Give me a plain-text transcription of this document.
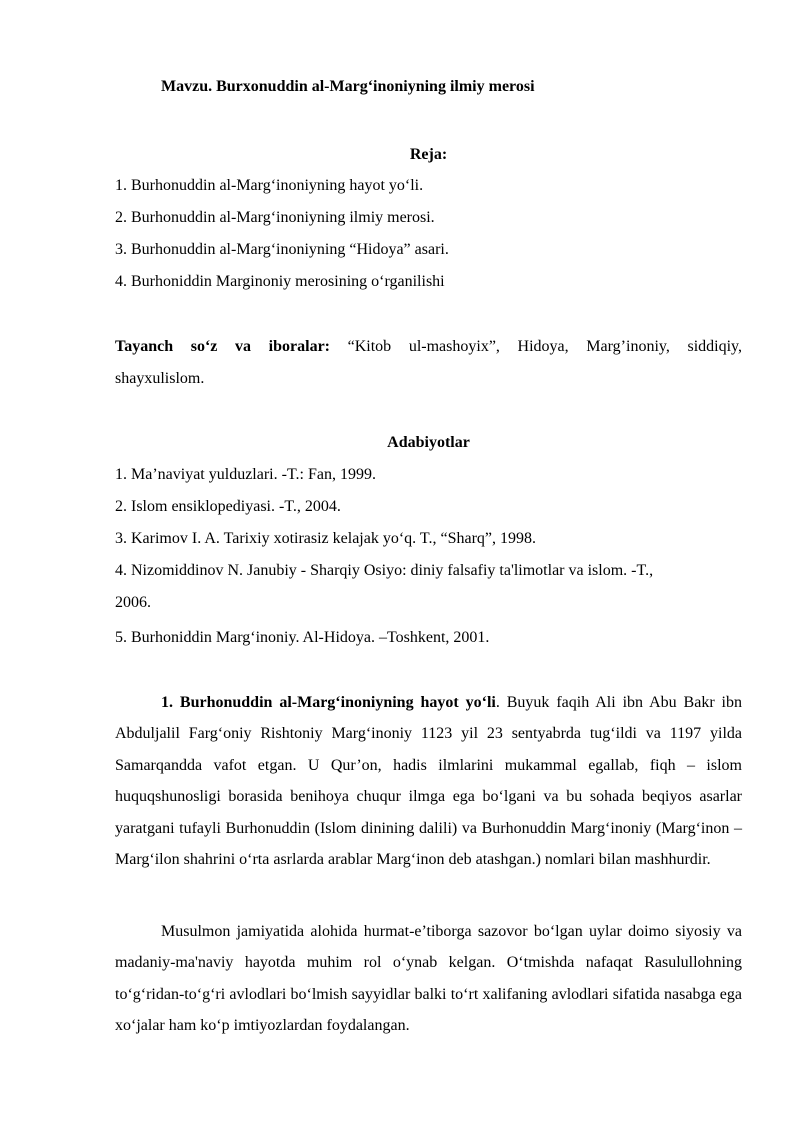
Mavzu. Burxonuddin al-Marg‘inoniyning ilmiy merosi
Reja:
1. Burhonuddin al-Marg‘inoniyning hayot yo‘li.
2. Burhonuddin al-Marg‘inoniyning ilmiy merosi.
3. Burhonuddin al-Marg‘inoniyning “Hidoya” asari.
4. Burhoniddin Marginoniy merosining o‘rganilishi
Tayanch so‘z va iboralar: “Kitob ul-mashoyix”, Hidoya, Marg’inoniy, siddiqiy,
shayxulislom.
Adabiyotlar
1. Ma’naviyat yulduzlari. -T.: Fan, 1999.
2. Islom ensiklopediyasi. -T., 2004.
3. Karimov I. A. Tarixiy xotirasiz kelajak yo‘q. T., “Sharq”, 1998.
4. Nizomiddinov N. Janubiy - Sharqiy Osiyo: diniy falsafiy ta'limotlar va islom. -T.,
2006.
5. Burhoniddin Marg‘inoniy. Al-Hidoya. –Toshkent, 2001.
1. Burhonuddin al-Marg‘inoniyning hayot yo‘li. Buyuk faqih Ali ibn Abu Bakr ibn Abduljalil Farg‘oniy Rishtoniy Marg‘inoniy 1123 yil 23 sentyabrda tug‘ildi va 1197 yilda Samarqandda vafot etgan. U Qur’on, hadis ilmlarini mukammal egallab, fiqh – islom huquqshunosligi borasida benihoya chuqur ilmga ega bo‘lgani va bu sohada beqiyos asarlar yaratgani tufayli Burhonuddin (Islom dinining dalili) va Burhonuddin Marg‘inoniy (Marg‘inon – Marg‘ilon shahrini o‘rta asrlarda arablar Marg‘inon deb atashgan.) nomlari bilan mashhurdir.
Musulmon jamiyatida alohida hurmat-e’tiborga sazovor bo‘lgan uylar doimo siyosiy va madaniy-ma'naviy hayotda muhim rol o‘ynab kelgan. O‘tmishda nafaqat Rasulullohning to‘g‘ridan-to‘g‘ri avlodlari bo‘lmish sayyidlar balki to‘rt xalifaning avlodlari sifatida nasabga ega xo‘jalar ham ko‘p imtiyozlardan foydalangan.
